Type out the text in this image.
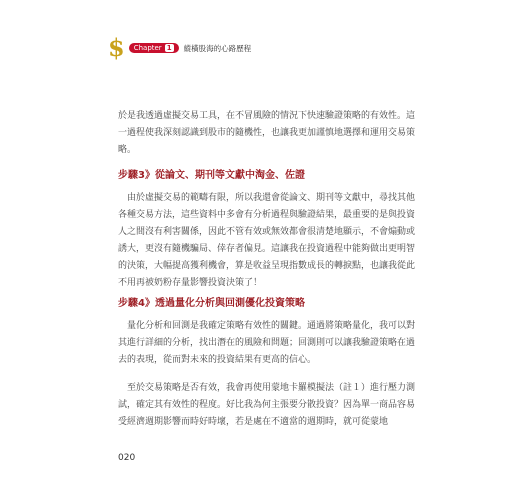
$ Chapter 1 縱橫股海的心路歷程

於是我透過虛擬交易工具，在不冒風險的情況下快速驗證策略的有效性。這一過程使我深刻認識到股市的隨機性，也讓我更加謹慎地選擇和運用交易策略。

步驟3》從論文、期刊等文獻中淘金、佐證

由於虛擬交易的範疇有限，所以我還會從論文、期刊等文獻中，尋找其他各種交易方法，這些資料中多會有分析過程與驗證結果，最重要的是與投資人之間沒有利害關係，因此不管有效或無效都會很清楚地顯示，不會煽動或誘大，更沒有隨機騙局、倖存者偏見。這讓我在投資過程中能夠做出更明智的決策，大幅提高獲利機會，算是收益呈現指數成長的轉捩點，也讓我從此不用再被奶粉存量影響投資決策了！

步驟4》透過量化分析與回測優化投資策略

量化分析和回測是我確定策略有效性的關鍵。通過將策略量化，我可以對其進行詳細的分析，找出潛在的風險和問題；回測則可以讓我驗證策略在過去的表現，從而對未來的投資結果有更高的信心。

至於交易策略是否有效，我會再使用蒙地卡羅模擬法（註１）進行壓力測試，確定其有效性的程度。好比我為何主張要分散投資？因為單一商品容易受經濟週期影響而時好時壞，若是處在不適當的週期時，就可從蒙地

020
